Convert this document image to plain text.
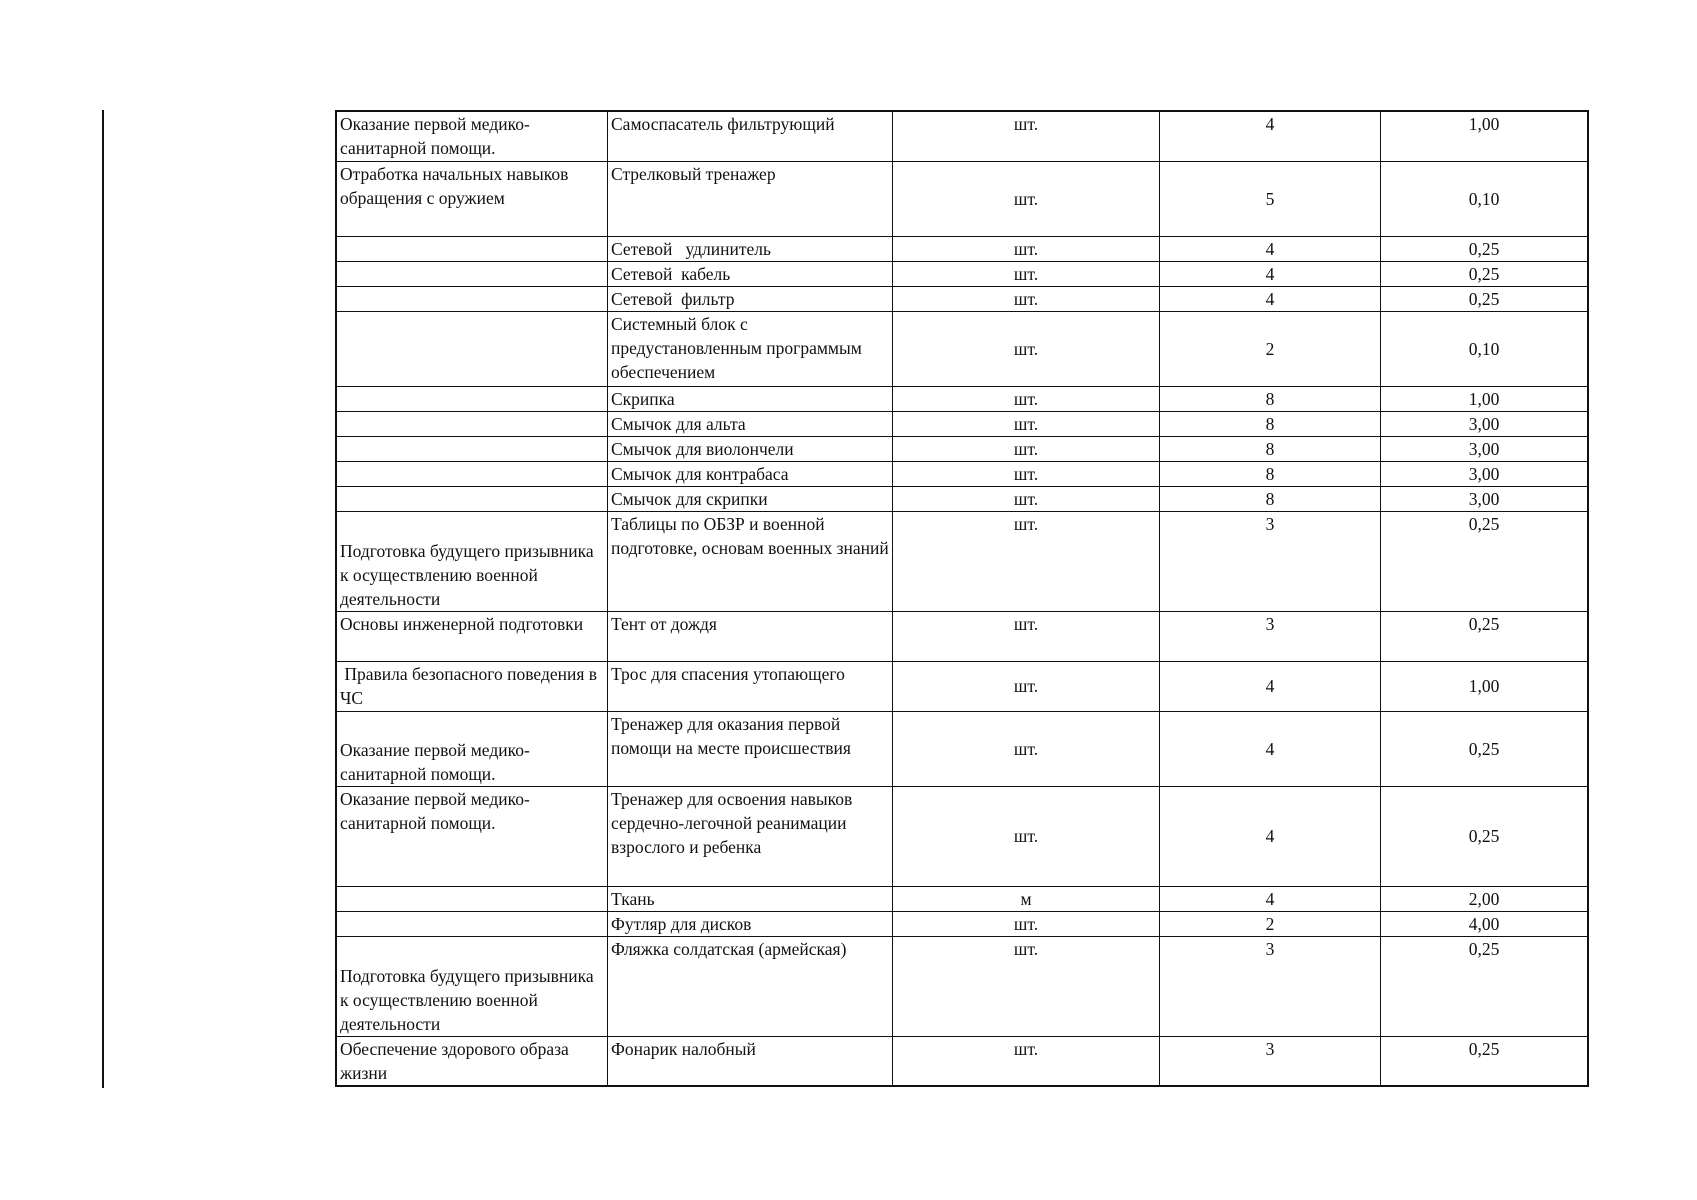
Оказание первой медико-санитарной помощи.	Самоспасатель фильтрующий	шт.	4	1,00
Отработка начальных навыков обращения с оружием	Стрелковый тренажер	шт.	5	0,10
	Сетевой   удлинитель	шт.	4	0,25
	Сетевой  кабель	шт.	4	0,25
	Сетевой  фильтр	шт.	4	0,25
	Системный блок с предустановленным программым обеспечением	шт.	2	0,10
	Скрипка	шт.	8	1,00
	Смычок для альта	шт.	8	3,00
	Смычок для виолончели	шт.	8	3,00
	Смычок для контрабаса	шт.	8	3,00
	Смычок для скрипки	шт.	8	3,00
Подготовка будущего призывника к осуществлению военной деятельности	Таблицы по ОБЗР и военной подготовке, основам военных знаний	шт.	3	0,25
Основы инженерной подготовки	Тент от дождя	шт.	3	0,25
Правила безопасного поведения в ЧС	Трос для спасения утопающего	шт.	4	1,00
Оказание первой медико-санитарной помощи.	Тренажер для оказания первой помощи на месте происшествия	шт.	4	0,25
Оказание первой медико-санитарной помощи.	Тренажер для освоения навыков сердечно-легочной реанимации взрослого и ребенка	шт.	4	0,25
	Ткань	м	4	2,00
	Футляр для дисков	шт.	2	4,00
Подготовка будущего призывника к осуществлению военной деятельности	Фляжка солдатская (армейская)	шт.	3	0,25
Обеспечение здорового образа жизни	Фонарик налобный	шт.	3	0,25
